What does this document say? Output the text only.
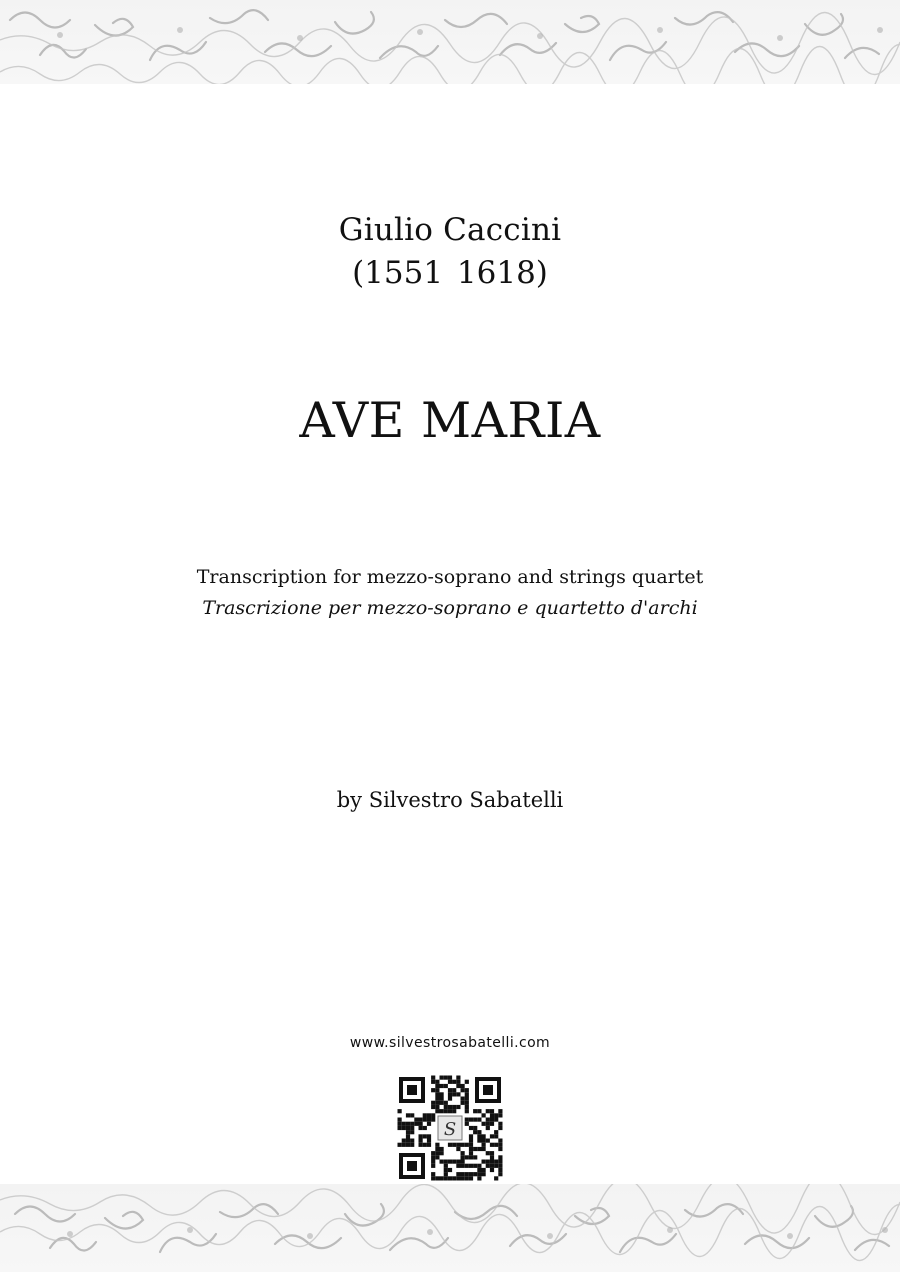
Giulio Caccini
(1551 1618)
AVE MARIA
Transcription for mezzo-soprano and strings quartet
Trascrizione per mezzo-soprano e quartetto d'archi
by Silvestro Sabatelli
www.silvestrosabatelli.com
S
